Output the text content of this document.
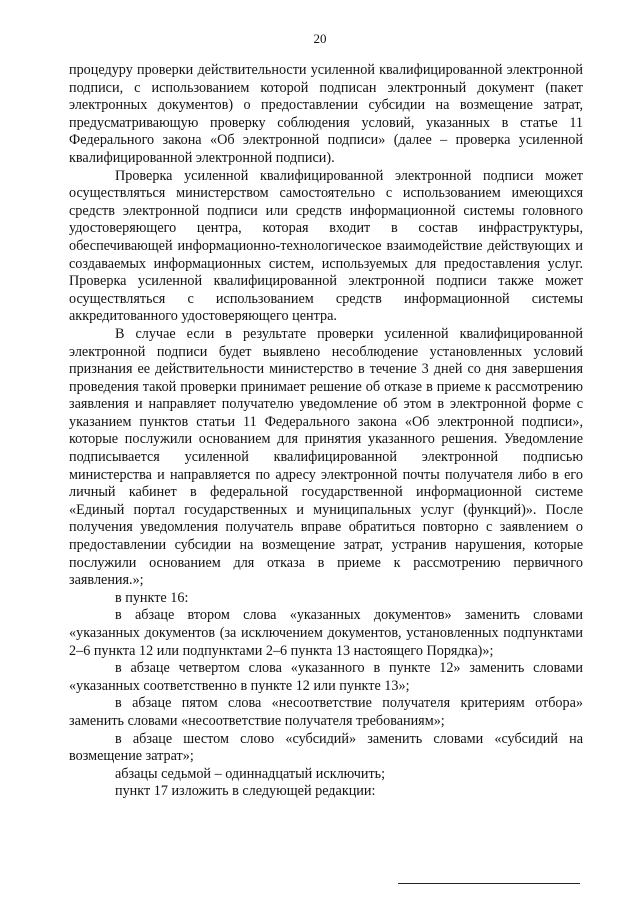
20

процедуру проверки действительности усиленной квалифицированной электронной подписи, с использованием которой подписан электронный документ (пакет электронных документов) о предоставлении субсидии на возмещение затрат, предусматривающую проверку соблюдения условий, указанных в статье 11 Федерального закона «Об электронной подписи» (далее – проверка усиленной квалифицированной электронной подписи).

Проверка усиленной квалифицированной электронной подписи может осуществляться министерством самостоятельно с использованием имеющихся средств электронной подписи или средств информационной системы головного удостоверяющего центра, которая входит в состав инфраструктуры, обеспечивающей информационно-технологическое взаимодействие действующих и создаваемых информационных систем, используемых для предоставления услуг. Проверка усиленной квалифицированной электронной подписи также может осуществляться с использованием средств информационной системы аккредитованного удостоверяющего центра.

В случае если в результате проверки усиленной квалифицированной электронной подписи будет выявлено несоблюдение установленных условий признания ее действительности министерство в течение 3 дней со дня завершения проведения такой проверки принимает решение об отказе в приеме к рассмотрению заявления и направляет получателю уведомление об этом в электронной форме с указанием пунктов статьи 11 Федерального закона «Об электронной подписи», которые послужили основанием для принятия указанного решения. Уведомление подписывается усиленной квалифицированной электронной подписью министерства и направляется по адресу электронной почты получателя либо в его личный кабинет в федеральной государственной информационной системе «Единый портал государственных и муниципальных услуг (функций)». После получения уведомления получатель вправе обратиться повторно с заявлением о предоставлении субсидии на возмещение затрат, устранив нарушения, которые послужили основанием для отказа в приеме к рассмотрению первичного заявления.»;

в пункте 16:

в абзаце втором слова «указанных документов» заменить словами «указанных документов (за исключением документов, установленных подпунктами 2–6 пункта 12 или подпунктами 2–6 пункта 13 настоящего Порядка)»;

в абзаце четвертом слова «указанного в пункте 12» заменить словами «указанных соответственно в пункте 12 или пункте 13»;

в абзаце пятом слова «несоответствие получателя критериям отбора» заменить словами «несоответствие получателя требованиям»;

в абзаце шестом слово «субсидий» заменить словами «субсидий на возмещение затрат»;

абзацы седьмой – одиннадцатый исключить;

пункт 17 изложить в следующей редакции:
